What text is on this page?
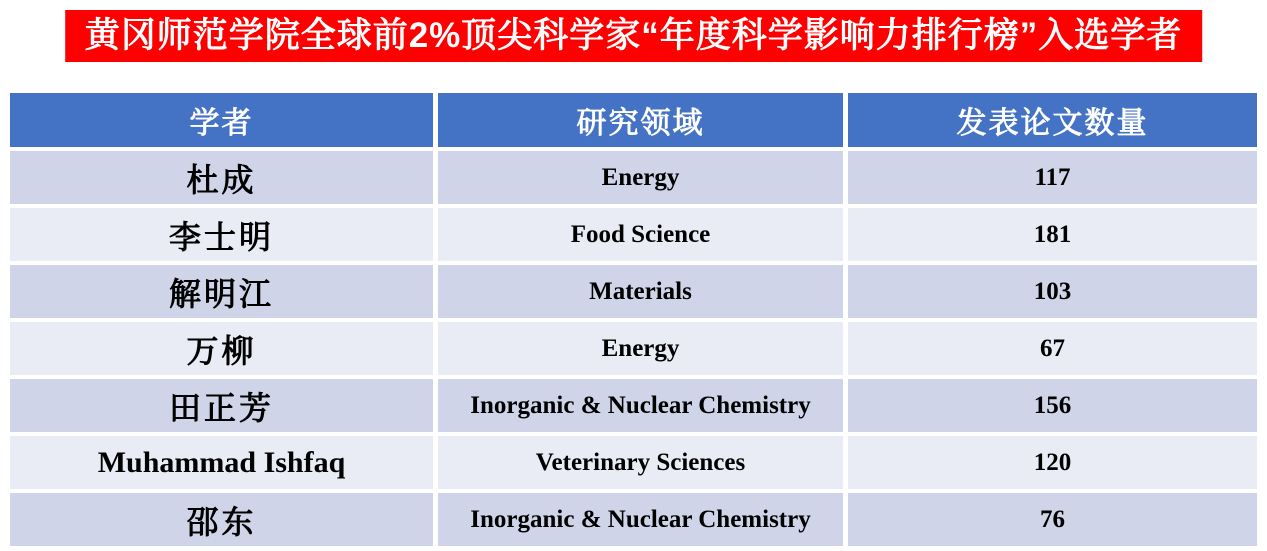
黄冈师范学院全球前2%顶尖科学家“年度科学影响力排行榜”入选学者
学者	研究领域	发表论文数量
杜成	Energy	117
李士明	Food Science	181
解明江	Materials	103
万柳	Energy	67
田正芳	Inorganic & Nuclear Chemistry	156
Muhammad Ishfaq	Veterinary Sciences	120
邵东	Inorganic & Nuclear Chemistry	76
